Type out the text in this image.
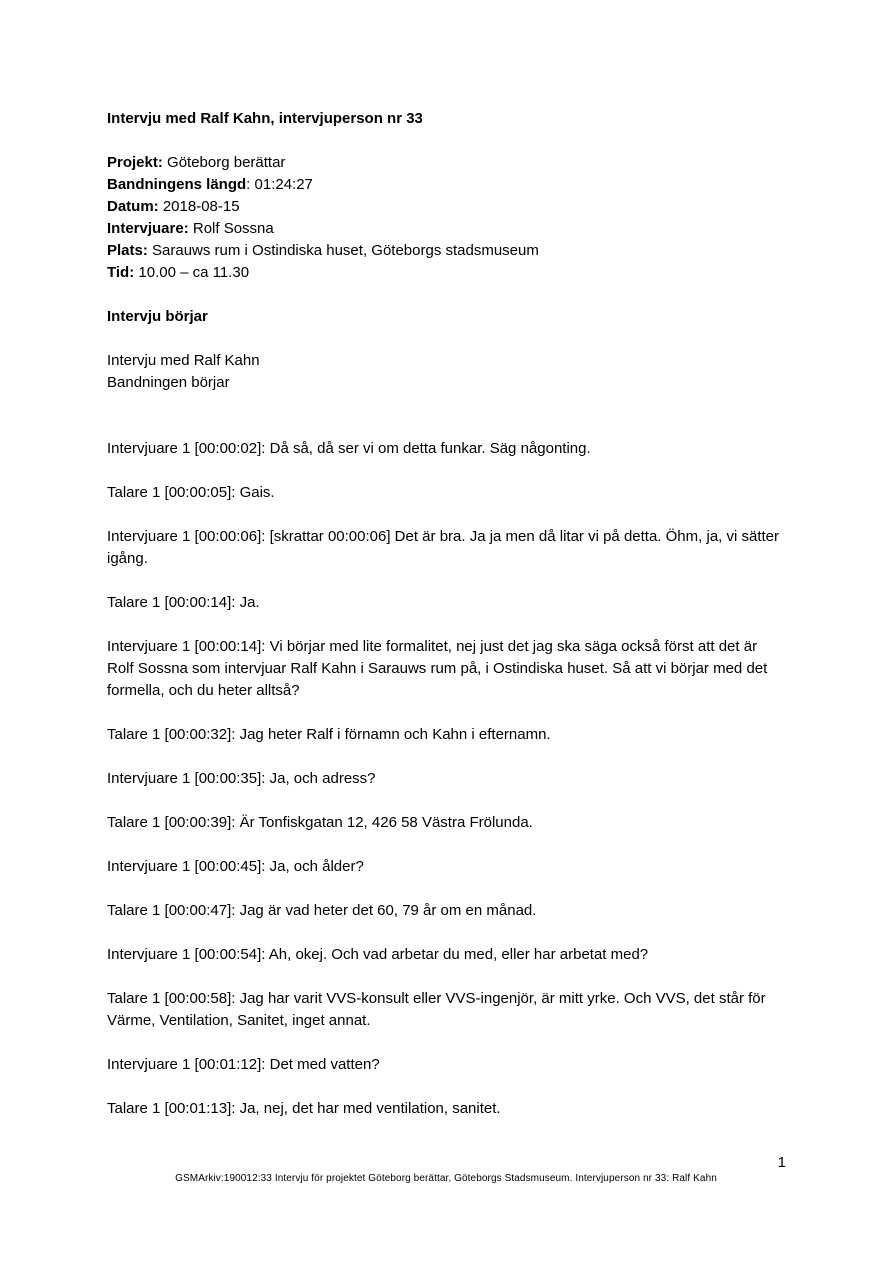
Intervju med Ralf Kahn, intervjuperson nr 33
Projekt: Göteborg berättar
Bandningens längd: 01:24:27
Datum: 2018-08-15
Intervjuare: Rolf Sossna
Plats: Sarauws rum i Ostindiska huset, Göteborgs stadsmuseum
Tid: 10.00 – ca 11.30
Intervju börjar
Intervju med Ralf Kahn
Bandningen börjar

Intervjuare 1 [00:00:02]: Då så, då ser vi om detta funkar. Säg någonting.

Talare 1 [00:00:05]: Gais.

Intervjuare 1 [00:00:06]: [skrattar 00:00:06] Det är bra. Ja ja men då litar vi på detta. Öhm, ja, vi sätter igång.

Talare 1 [00:00:14]: Ja.

Intervjuare 1 [00:00:14]: Vi börjar med lite formalitet, nej just det jag ska säga också först att det är Rolf Sossna som intervjuar Ralf Kahn i Sarauws rum på, i Ostindiska huset. Så att vi börjar med det formella, och du heter alltså?

Talare 1 [00:00:32]: Jag heter Ralf i förnamn och Kahn i efternamn.

Intervjuare 1 [00:00:35]: Ja, och adress?

Talare 1 [00:00:39]: Är Tonfiskgatan 12, 426 58 Västra Frölunda.

Intervjuare 1 [00:00:45]: Ja, och ålder?

Talare 1 [00:00:47]: Jag är vad heter det 60, 79 år om en månad.

Intervjuare 1 [00:00:54]: Ah, okej. Och vad arbetar du med, eller har arbetat med?

Talare 1 [00:00:58]: Jag har varit VVS-konsult eller VVS-ingenjör, är mitt yrke. Och VVS, det står för Värme, Ventilation, Sanitet, inget annat.

Intervjuare 1 [00:01:12]: Det med vatten?

Talare 1 [00:01:13]: Ja, nej, det har med ventilation, sanitet.

1
GSMArkiv:190012:33 Intervju för projektet Göteborg berättar, Göteborgs Stadsmuseum. Intervjuperson nr 33: Ralf Kahn
